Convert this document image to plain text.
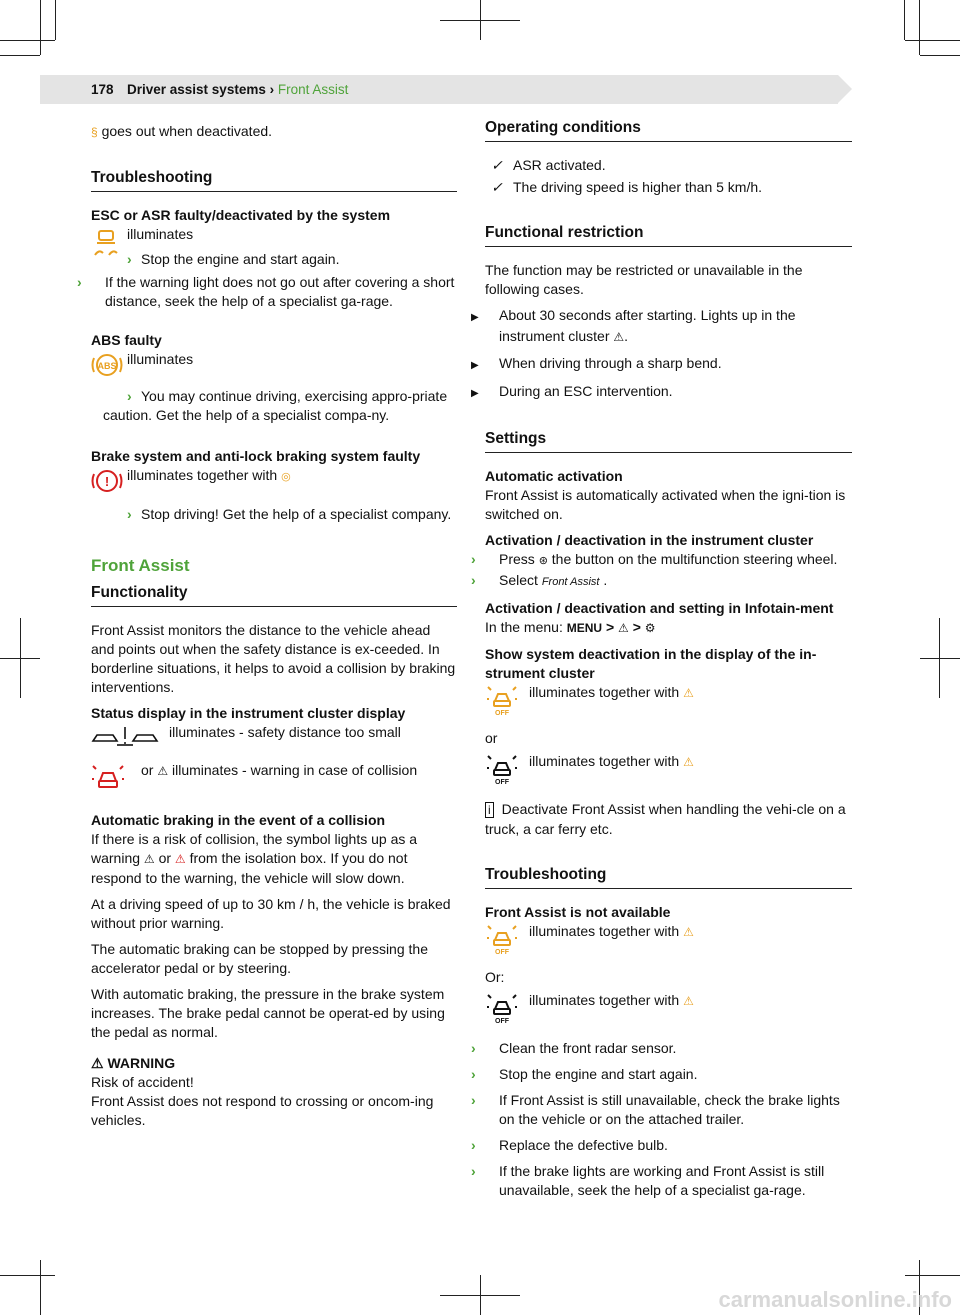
178 Driver assist systems › Front Assist

§ goes out when deactivated.

Troubleshooting

ESC or ASR faulty/deactivated by the system

illuminates
› Stop the engine and start again.

› If the warning light does not go out after covering a short distance, seek the help of a specialist ga-rage.

ABS faulty

ABS illuminates
› You may continue driving, exercising appro-priate caution. Get the help of a specialist compa-ny.

Brake system and anti-lock braking system faulty

!	illuminates together with ◎
› Stop driving! Get the help of a specialist company.
Front Assist
Functionality

Front Assist monitors the distance to the vehicle ahead and points out when the safety distance is ex-ceeded. In borderline situations, it helps to avoid a collision by braking interventions.

Status display in the instrument cluster display

illuminates - safety distance too small
or ⚠ illuminates - warning in case of collision

Automatic braking in the event of a collision

If there is a risk of collision, the symbol lights up as a warning ⚠ or ⚠ from the isolation box. If you do not respond to the warning, the vehicle will slow down.

At a driving speed of up to 30 km / h, the vehicle is braked without prior warning.

The automatic braking can be stopped by pressing the accelerator pedal or by steering.

With automatic braking, the pressure in the brake system increases. The brake pedal cannot be operat-ed by using the pedal as normal.

⚠ WARNING
Risk of accident!
Front Assist does not respond to crossing or oncom-ing vehicles.
Operating conditions

✓ ASR activated.

✓ The driving speed is higher than 5 km/h.

Functional restriction

The function may be restricted or unavailable in the following cases.

▶ About 30 seconds after starting. Lights up in the instrument cluster ⚠.

▶ When driving through a sharp bend.

▶ During an ESC intervention.

Settings

Automatic activation

Front Assist is automatically activated when the igni-tion is switched on.

Activation / deactivation in the instrument cluster

› Press ⊛ the button on the multifunction steering wheel.

› Select Front Assist .

Activation / deactivation and setting in Infotain-ment

In the menu: MENU > ⚠ > ⚙

Show system deactivation in the display of the in-strument cluster

OFF
illuminates together with ⚠

or

OFF
illuminates together with ⚠

i Deactivate Front Assist when handling the vehi-cle on a truck, a car ferry etc.

Troubleshooting

Front Assist is not available

OFF
illuminates together with ⚠

Or:

OFF
illuminates together with ⚠

› Clean the front radar sensor.

› Stop the engine and start again.

› If Front Assist is still unavailable, check the brake lights on the vehicle or on the attached trailer.

› Replace the defective bulb.

› If the brake lights are working and Front Assist is still unavailable, seek the help of a specialist ga-rage.

carmanualsonline.info
